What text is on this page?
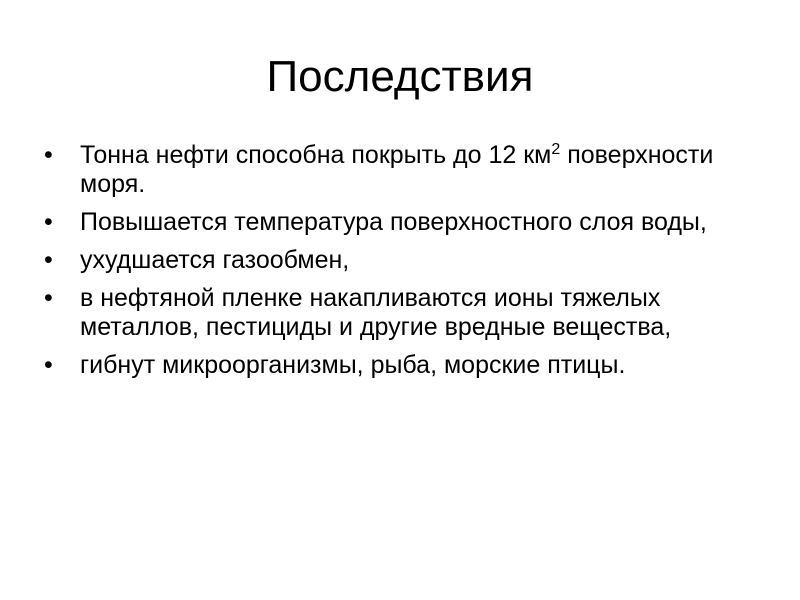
Последствия
•	Тонна нефти способна покрыть до 12 $км^2$ поверхности моря.
•	Повышается температура поверхностного слоя воды,
•	ухудшается газообмен,
•	в нефтяной пленке накапливаются ионы тяжелых металлов, пестициды и другие вредные вещества,
•	гибнут микроорганизмы, рыба, морские птицы.
